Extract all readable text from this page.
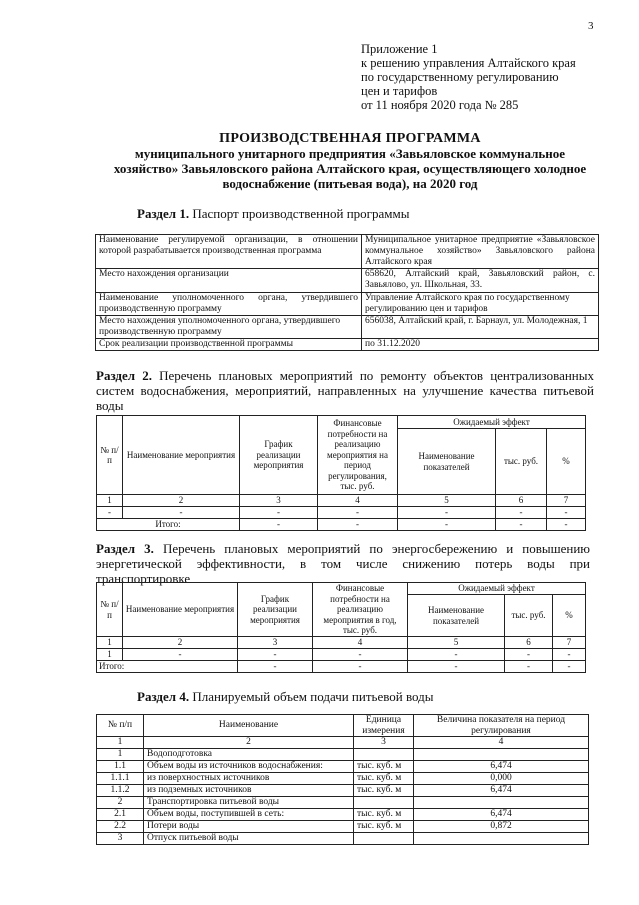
3
Приложение 1
к решению управления Алтайского края
по государственному регулированию
цен и тарифов
от 11 ноября 2020 года № 285
ПРОИЗВОДСТВЕННАЯ ПРОГРАММА
муниципального унитарного предприятия «Завьяловское коммунальное
хозяйство» Завьяловского района Алтайского края, осуществляющего холодное
водоснабжение (питьевая вода), на 2020 год
Раздел 1. Паспорт производственной программы
Наименование регулируемой организации, в отношении которой разрабатывается производственная программа	Муниципальное унитарное предприятие «Завьяловское коммунальное хозяйство» Завьяловского района Алтайского края
Место нахождения организации	658620, Алтайский край, Завьяловский район, с. Завьялово, ул. Школьная, 33.
Наименование уполномоченного органа, утвердившего производственную программу	Управление Алтайского края по государственному регулированию цен и тарифов
Место нахождения уполномоченного органа, утвердившего производственную программу	656038, Алтайский край, г. Барнаул, ул. Молодежная, 1
Срок реализации производственной программы	по 31.12.2020
Раздел 2. Перечень плановых мероприятий по ремонту объектов централизованных систем водоснабжения, мероприятий, направленных на улучшение качества питьевой воды
№ п/п	Наименование мероприятия	График реализации мероприятия	Финансовые потребности на реализацию мероприятия на период регулирования, тыс. руб.	Ожидаемый эффект		
				Наименование показателей	тыс. руб.	%
1	2	3	4	5	6	7
-	-	-	-	-	-	-
Итого:		-	-	-	-	-
Раздел 3. Перечень плановых мероприятий по энергосбережению и повышению энергетической эффективности, в том числе снижению потерь воды при транспортировке
№ п/п	Наименование мероприятия	График реализации мероприятия	Финансовые потребности на реализацию мероприятия в год, тыс. руб.	Ожидаемый эффект		
				Наименование показателей	тыс. руб.	%
1	2	3	4	5	6	7
1	-	-	-	-	-	-
Итого:		-	-	-	-	-
Раздел 4. Планируемый объем подачи питьевой воды
№ п/п	Наименование	Единица измерения	Величина показателя на период регулирования
1	2	3	4
1	Водоподготовка		
1.1	Объем воды из источников водоснабжения:	тыс. куб. м	6,474
1.1.1	из поверхностных источников	тыс. куб. м	0,000
1.1.2	из подземных источников	тыс. куб. м	6,474
2	Транспортировка питьевой воды		
2.1	Объем воды, поступившей в сеть:	тыс. куб. м	6,474
2.2	Потери воды	тыс. куб. м	0,872
3	Отпуск питьевой воды		
